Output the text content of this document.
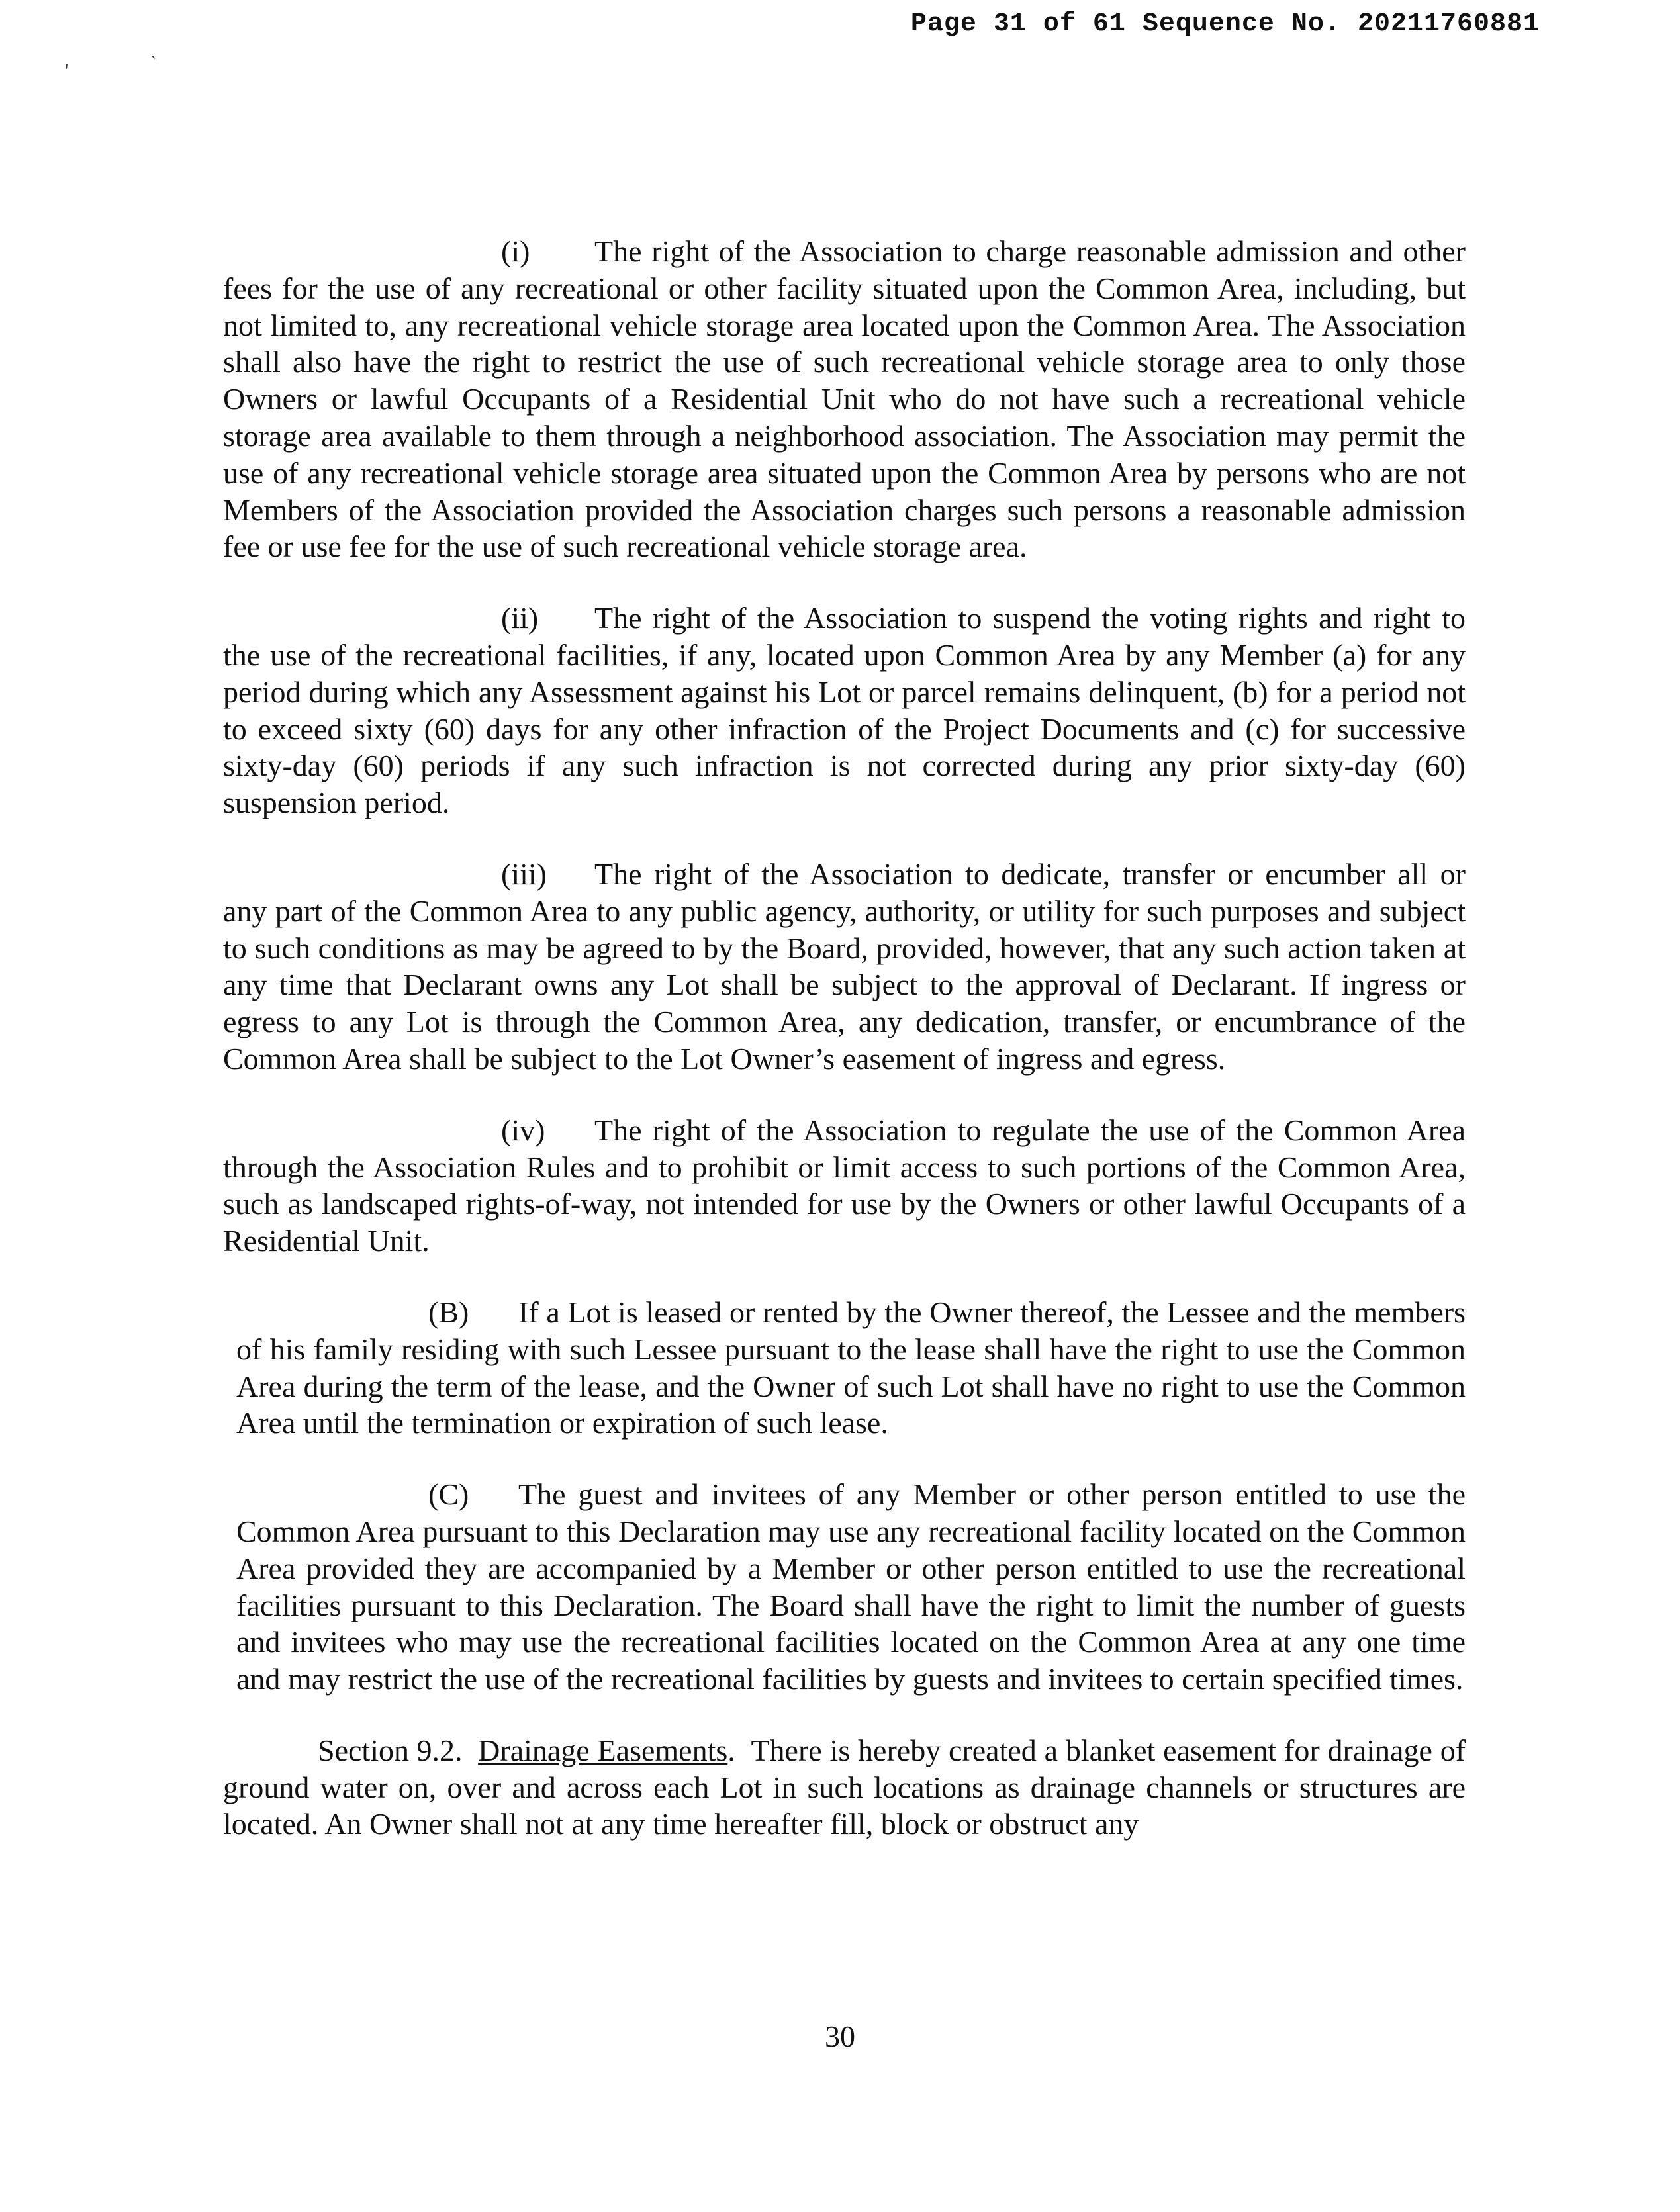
Page 31 of 61 Sequence No. 20211760881
'	`

(i) The right of the Association to charge reasonable admission and other fees for the use of any recreational or other facility situated upon the Common Area, including, but not limited to, any recreational vehicle storage area located upon the Common Area. The Association shall also have the right to restrict the use of such recreational vehicle storage area to only those Owners or lawful Occupants of a Residential Unit who do not have such a recreational vehicle storage area available to them through a neighborhood association. The Association may permit the use of any recreational vehicle storage area situated upon the Common Area by persons who are not Members of the Association provided the Association charges such persons a reasonable admission fee or use fee for the use of such recreational vehicle storage area.

(ii) The right of the Association to suspend the voting rights and right to the use of the recreational facilities, if any, located upon Common Area by any Member (a) for any period during which any Assessment against his Lot or parcel remains delinquent, (b) for a period not to exceed sixty (60) days for any other infraction of the Project Documents and (c) for successive sixty-day (60) periods if any such infraction is not corrected during any prior sixty-day (60) suspension period.

(iii) The right of the Association to dedicate, transfer or encumber all or any part of the Common Area to any public agency, authority, or utility for such purposes and subject to such conditions as may be agreed to by the Board, provided, however, that any such action taken at any time that Declarant owns any Lot shall be subject to the approval of Declarant. If ingress or egress to any Lot is through the Common Area, any dedication, transfer, or encumbrance of the Common Area shall be subject to the Lot Owner’s easement of ingress and egress.

(iv) The right of the Association to regulate the use of the Common Area through the Association Rules and to prohibit or limit access to such portions of the Common Area, such as landscaped rights-of-way, not intended for use by the Owners or other lawful Occupants of a Residential Unit.

(B) If a Lot is leased or rented by the Owner thereof, the Lessee and the members of his family residing with such Lessee pursuant to the lease shall have the right to use the Common Area during the term of the lease, and the Owner of such Lot shall have no right to use the Common Area until the termination or expiration of such lease.

(C) The guest and invitees of any Member or other person entitled to use the Common Area pursuant to this Declaration may use any recreational facility located on the Common Area provided they are accompanied by a Member or other person entitled to use the recreational facilities pursuant to this Declaration. The Board shall have the right to limit the number of guests and invitees who may use the recreational facilities located on the Common Area at any one time and may restrict the use of the recreational facilities by guests and invitees to certain specified times.

Section 9.2. Drainage Easements. There is hereby created a blanket easement for drainage of ground water on, over and across each Lot in such locations as drainage channels or structures are located. An Owner shall not at any time hereafter fill, block or obstruct any

30
